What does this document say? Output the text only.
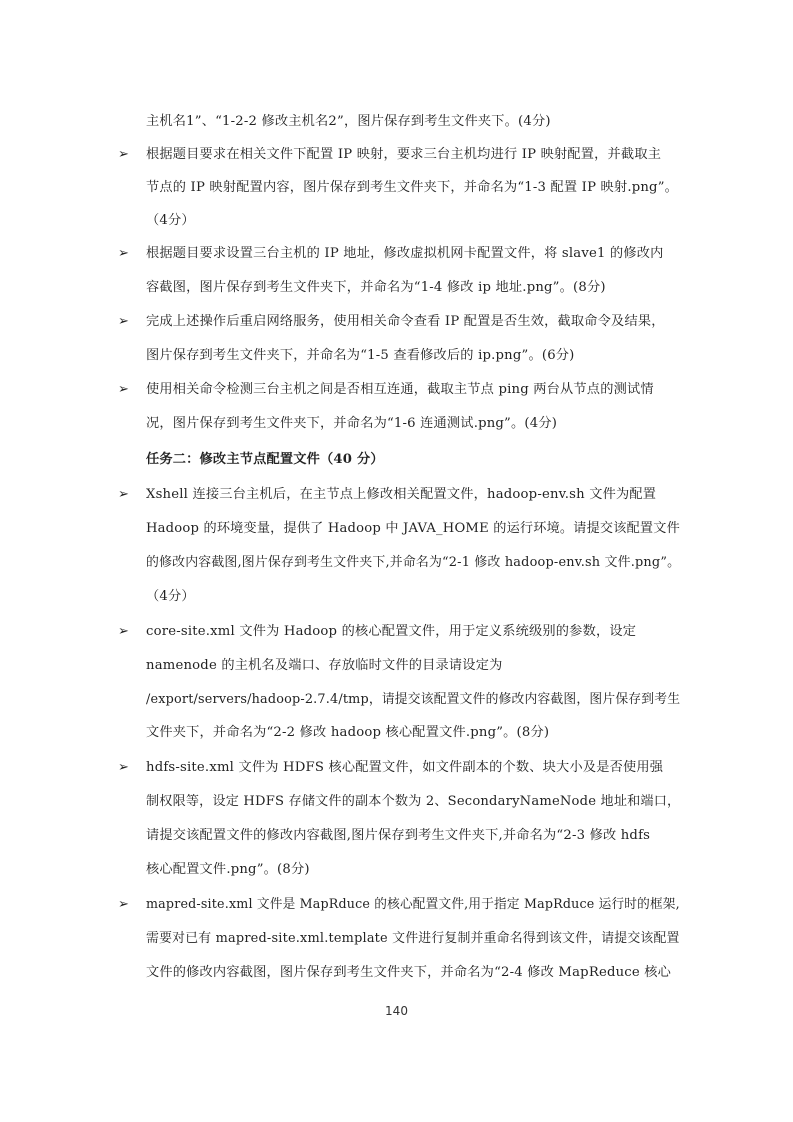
主机名1”、“1-2-2 修改主机名2”，图片保存到考生文件夹下。(4分)
➢ 根据题目要求在相关文件下配置 IP 映射，要求三台主机均进行 IP 映射配置，并截取主
节点的 IP 映射配置内容，图片保存到考生文件夹下，并命名为“1-3 配置 IP 映射.png”。
（4分）
➢ 根据题目要求设置三台主机的 IP 地址，修改虚拟机网卡配置文件，将 slave1 的修改内
容截图，图片保存到考生文件夹下，并命名为“1-4 修改 ip 地址.png”。(8分)
➢ 完成上述操作后重启网络服务，使用相关命令查看 IP 配置是否生效，截取命令及结果，
图片保存到考生文件夹下，并命名为“1-5 查看修改后的 ip.png”。(6分)
➢ 使用相关命令检测三台主机之间是否相互连通，截取主节点 ping 两台从节点的测试情
况，图片保存到考生文件夹下，并命名为“1-6 连通测试.png”。(4分)
任务二：修改主节点配置文件（40 分）
➢ Xshell 连接三台主机后，在主节点上修改相关配置文件，hadoop-env.sh 文件为配置
Hadoop 的环境变量，提供了 Hadoop 中 JAVA_HOME 的运行环境。请提交该配置文件
的修改内容截图,图片保存到考生文件夹下,并命名为“2-1 修改 hadoop-env.sh 文件.png”。
（4分）
➢ core-site.xml 文件为 Hadoop 的核心配置文件，用于定义系统级别的参数，设定
namenode 的主机名及端口、存放临时文件的目录请设定为
/export/servers/hadoop-2.7.4/tmp，请提交该配置文件的修改内容截图，图片保存到考生
文件夹下，并命名为“2-2 修改 hadoop 核心配置文件.png”。(8分)
➢ hdfs-site.xml 文件为 HDFS 核心配置文件，如文件副本的个数、块大小及是否使用强
制权限等，设定 HDFS 存储文件的副本个数为 2、SecondaryNameNode 地址和端口，
请提交该配置文件的修改内容截图,图片保存到考生文件夹下,并命名为“2-3 修改 hdfs
核心配置文件.png”。(8分)
➢ mapred-site.xml 文件是 MapRduce 的核心配置文件,用于指定 MapRduce 运行时的框架,
需要对已有 mapred-site.xml.template 文件进行复制并重命名得到该文件，请提交该配置
文件的修改内容截图，图片保存到考生文件夹下，并命名为“2-4 修改 MapReduce 核心
140
